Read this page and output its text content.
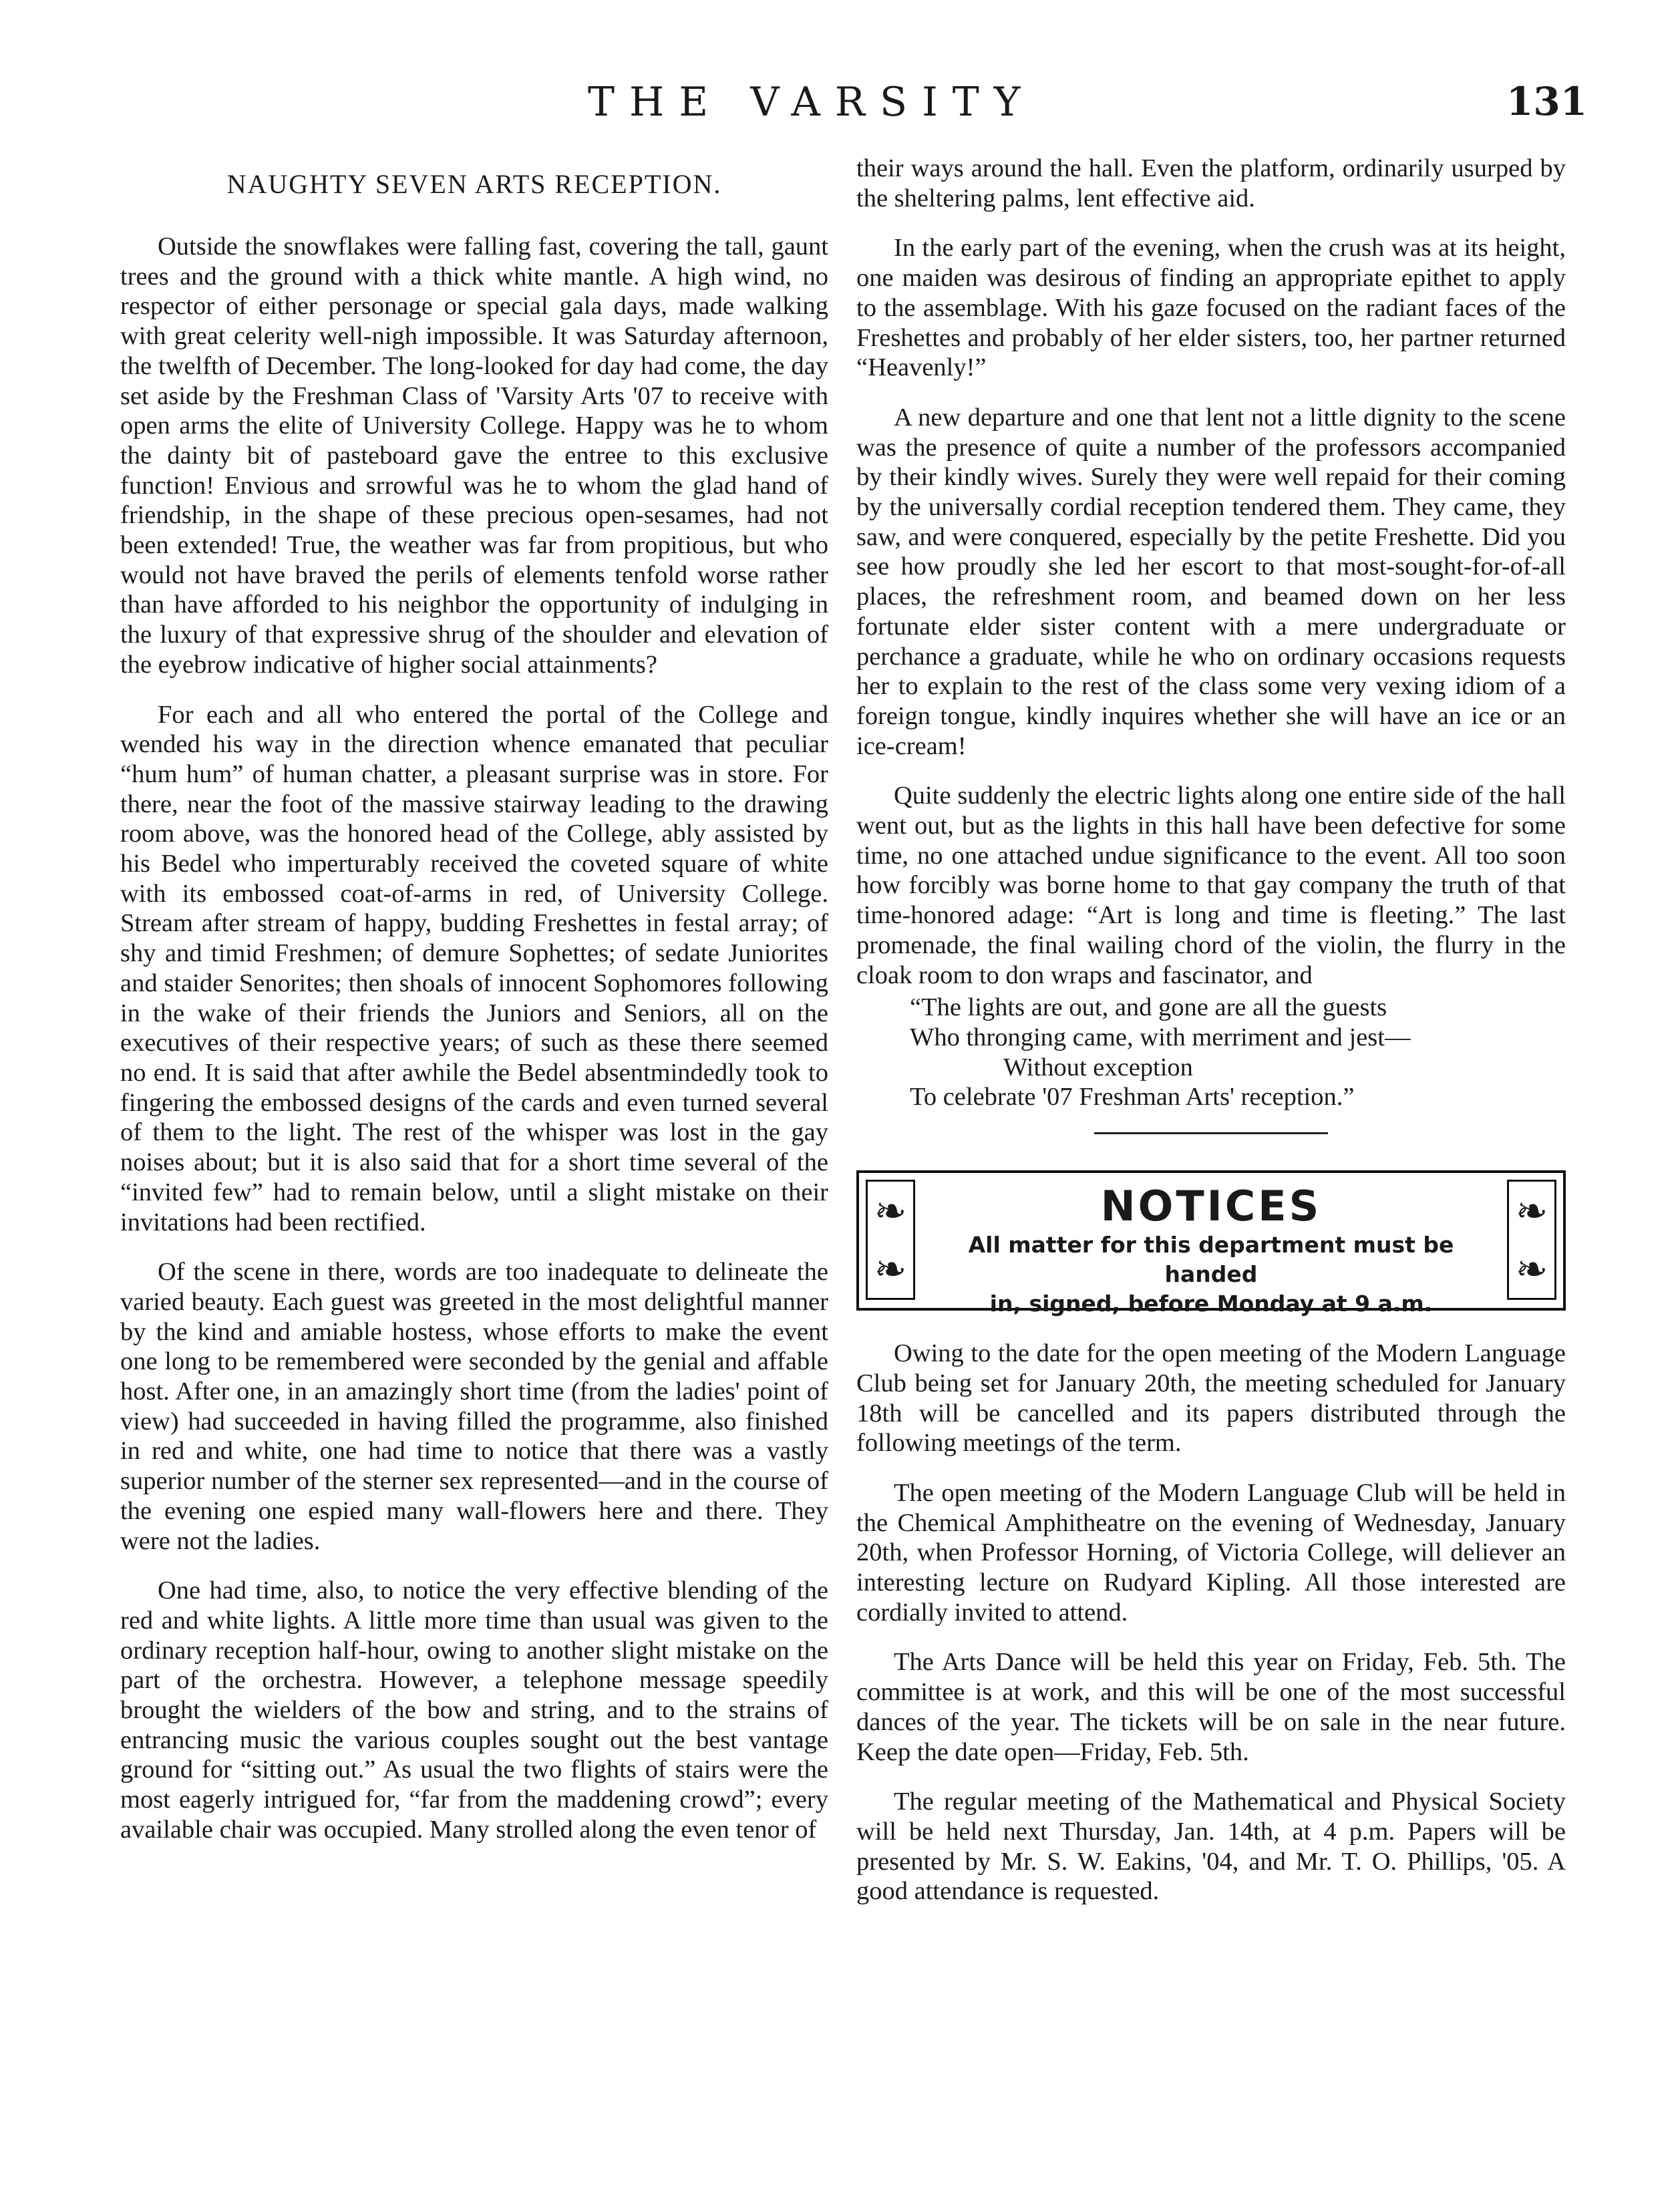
THE VARSITY	131
NAUGHTY SEVEN ARTS RECEPTION.

Outside the snowflakes were falling fast, covering the tall, gaunt trees and the ground with a thick white mantle. A high wind, no respector of either personage or special gala days, made walking with great celerity well-nigh impossible. It was Saturday afternoon, the twelfth of December. The long-looked for day had come, the day set aside by the Freshman Class of 'Varsity Arts '07 to receive with open arms the elite of University College. Happy was he to whom the dainty bit of pasteboard gave the entree to this exclusive function! Envious and srrowful was he to whom the glad hand of friendship, in the shape of these precious open-sesames, had not been extended! True, the weather was far from propitious, but who would not have braved the perils of elements tenfold worse rather than have afforded to his neighbor the opportunity of indulging in the luxury of that expressive shrug of the shoulder and elevation of the eyebrow indicative of higher social attainments?

For each and all who entered the portal of the College and wended his way in the direction whence emanated that peculiar “hum hum” of human chatter, a pleasant surprise was in store. For there, near the foot of the massive stairway leading to the drawing room above, was the honored head of the College, ably assisted by his Bedel who imperturably received the coveted square of white with its embossed coat-of-arms in red, of University College. Stream after stream of happy, budding Freshettes in festal array; of shy and timid Freshmen; of demure Sophettes; of sedate Juniorites and staider Senorites; then shoals of innocent Sophomores following in the wake of their friends the Juniors and Seniors, all on the executives of their respective years; of such as these there seemed no end. It is said that after awhile the Bedel absentmindedly took to fingering the embossed designs of the cards and even turned several of them to the light. The rest of the whisper was lost in the gay noises about; but it is also said that for a short time several of the “invited few” had to remain below, until a slight mistake on their invitations had been rectified.

Of the scene in there, words are too inadequate to delineate the varied beauty. Each guest was greeted in the most delightful manner by the kind and amiable hostess, whose efforts to make the event one long to be remembered were seconded by the genial and affable host. After one, in an amazingly short time (from the ladies' point of view) had succeeded in having filled the programme, also finished in red and white, one had time to notice that there was a vastly superior number of the sterner sex represented—and in the course of the evening one espied many wall-flowers here and there. They were not the ladies.

One had time, also, to notice the very effective blending of the red and white lights. A little more time than usual was given to the ordinary reception half-hour, owing to another slight mistake on the part of the orchestra. However, a telephone message speedily brought the wielders of the bow and string, and to the strains of entrancing music the various couples sought out the best vantage ground for “sitting out.” As usual the two flights of stairs were the most eagerly intrigued for, “far from the maddening crowd”; every available chair was occupied. Many strolled along the even tenor of

their ways around the hall. Even the platform, ordinarily usurped by the sheltering palms, lent effective aid.

In the early part of the evening, when the crush was at its height, one maiden was desirous of finding an appropriate epithet to apply to the assemblage. With his gaze focused on the radiant faces of the Freshettes and probably of her elder sisters, too, her partner returned “Heavenly!”

A new departure and one that lent not a little dignity to the scene was the presence of quite a number of the professors accompanied by their kindly wives. Surely they were well repaid for their coming by the universally cordial reception tendered them. They came, they saw, and were conquered, especially by the petite Freshette. Did you see how proudly she led her escort to that most-sought-for-of-all places, the refreshment room, and beamed down on her less fortunate elder sister content with a mere undergraduate or perchance a graduate, while he who on ordinary occasions requests her to explain to the rest of the class some very vexing idiom of a foreign tongue, kindly inquires whether she will have an ice or an ice-cream!

Quite suddenly the electric lights along one entire side of the hall went out, but as the lights in this hall have been defective for some time, no one attached undue significance to the event. All too soon how forcibly was borne home to that gay company the truth of that time-honored adage: “Art is long and time is fleeting.” The last promenade, the final wailing chord of the violin, the flurry in the cloak room to don wraps and fascinator, and

“The lights are out, and gone are all the guests
Who thronging came, with merriment and jest—
Without exception
To celebrate '07 Freshman Arts' reception.”
❧
❧
NOTICES
All matter for this department must be handed
in, signed, before Monday at 9 a.m.
❧
❧

Owing to the date for the open meeting of the Modern Language Club being set for January 20th, the meeting scheduled for January 18th will be cancelled and its papers distributed through the following meetings of the term.

The open meeting of the Modern Language Club will be held in the Chemical Amphitheatre on the evening of Wednesday, January 20th, when Professor Horning, of Victoria College, will deliever an interesting lecture on Rudyard Kipling. All those interested are cordially invited to attend.

The Arts Dance will be held this year on Friday, Feb. 5th. The committee is at work, and this will be one of the most successful dances of the year. The tickets will be on sale in the near future. Keep the date open—Friday, Feb. 5th.

The regular meeting of the Mathematical and Physical Society will be held next Thursday, Jan. 14th, at 4 p.m. Papers will be presented by Mr. S. W. Eakins, '04, and Mr. T. O. Phillips, '05. A good attendance is requested.
